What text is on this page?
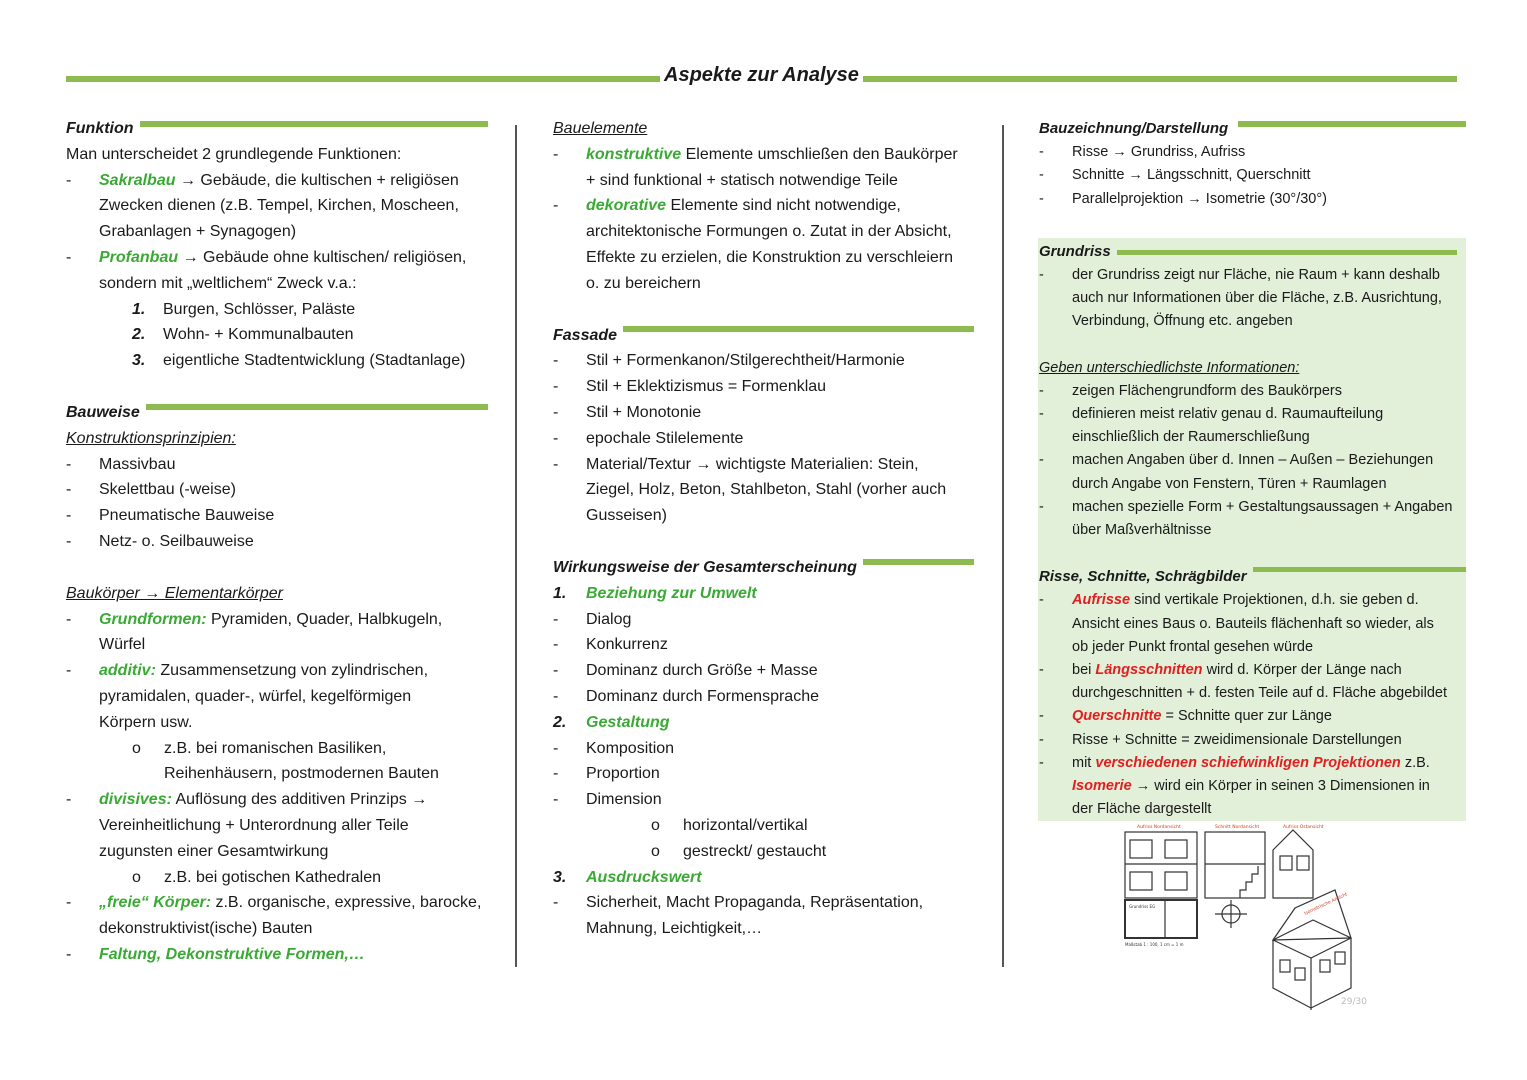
Aspekte zur Analyse
Funktion
Man unterscheidet 2 grundlegende Funktionen:
- Sakralbau → Gebäude, die kultischen + religiösen
Zwecken dienen (z.B. Tempel, Kirchen, Moscheen,
Grabanlagen + Synagogen)
- Profanbau → Gebäude ohne kultischen/ religiösen,
sondern mit „weltlichem“ Zweck v.a.:
1. Burgen, Schlösser, Paläste
2. Wohn- + Kommunalbauten
3. eigentliche Stadtentwicklung (Stadtanlage)
Bauweise
Konstruktionsprinzipien:
- Massivbau
- Skelettbau (-weise)
- Pneumatische Bauweise
- Netz- o. Seilbauweise
Baukörper → Elementarkörper
- Grundformen: Pyramiden, Quader, Halbkugeln,
Würfel
- additiv: Zusammensetzung von zylindrischen,
pyramidalen, quader-, würfel, kegelförmigen
Körpern usw.
o z.B. bei romanischen Basiliken,
Reihenhäusern, postmodernen Bauten
- divisives: Auflösung des additiven Prinzips →
Vereinheitlichung + Unterordnung aller Teile
zugunsten einer Gesamtwirkung
o z.B. bei gotischen Kathedralen
- „freie“ Körper: z.B. organische, expressive, barocke,
dekonstruktivist(ische) Bauten
- Faltung, Dekonstruktive Formen,…
Bauelemente
- konstruktive Elemente umschließen den Baukörper
+ sind funktional + statisch notwendige Teile
- dekorative Elemente sind nicht notwendige,
architektonische Formungen o. Zutat in der Absicht,
Effekte zu erzielen, die Konstruktion zu verschleiern
o. zu bereichern
Fassade
- Stil + Formenkanon/Stilgerechtheit/Harmonie
- Stil + Eklektizismus = Formenklau
- Stil + Monotonie
- epochale Stilelemente
- Material/Textur → wichtigste Materialien: Stein,
Ziegel, Holz, Beton, Stahlbeton, Stahl (vorher auch
Gusseisen)
Wirkungsweise der Gesamterscheinung
1. Beziehung zur Umwelt
- Dialog
- Konkurrenz
- Dominanz durch Größe + Masse
- Dominanz durch Formensprache
2. Gestaltung
- Komposition
- Proportion
- Dimension
o horizontal/vertikal
o gestreckt/ gestaucht
3. Ausdruckswert
- Sicherheit, Macht Propaganda, Repräsentation,
Mahnung, Leichtigkeit,…
Bauzeichnung/Darstellung
- Risse → Grundriss, Aufriss
- Schnitte → Längsschnitt, Querschnitt
- Parallelprojektion → Isometrie (30°/30°)
Grundriss
- der Grundriss zeigt nur Fläche, nie Raum + kann deshalb
auch nur Informationen über die Fläche, z.B. Ausrichtung,
Verbindung, Öffnung etc. angeben
Geben unterschiedlichste Informationen:
- zeigen Flächengrundform des Baukörpers
- definieren meist relativ genau d. Raumaufteilung
einschließlich der Raumerschließung
- machen Angaben über d. Innen – Außen – Beziehungen
durch Angabe von Fenstern, Türen + Raumlagen
- machen spezielle Form + Gestaltungsaussagen + Angaben
über Maßverhältnisse
Risse, Schnitte, Schrägbilder
- Aufrisse sind vertikale Projektionen, d.h. sie geben d.
Ansicht eines Baus o. Bauteils flächenhaft so wieder, als
ob jeder Punkt frontal gesehen würde
- bei Längsschnitten wird d. Körper der Länge nach
durchgeschnitten + d. festen Teile auf d. Fläche abgebildet
- Querschnitte = Schnitte quer zur Länge
- Risse + Schnitte = zweidimensionale Darstellungen
- mit verschiedenen schiefwinkligen Projektionen z.B.
Isomerie → wird ein Körper in seinen 3 Dimensionen in
der Fläche dargestellt
Aufriss Nordansicht	Schnitt Nordansicht	Aufriss Ostansicht
Isometrische Ansicht
Grundriss EG
Maßstab 1 : 100, 1 cm = 1 m
29/30
